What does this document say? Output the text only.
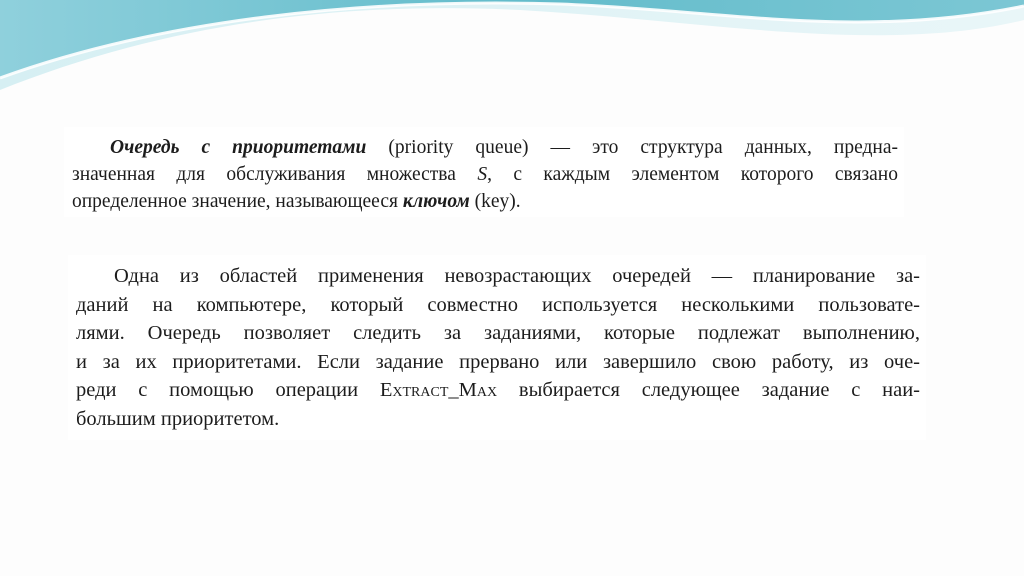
Очередь с приоритетами (priority queue) — это структура данных, предна-
значенная для обслуживания множества S, с каждым элементом которого связано
определенное значение, называющееся ключом (key).
Одна из областей применения невозрастающих очередей — планирование за-
даний на компьютере, который совместно используется несколькими пользовате-
лями. Очередь позволяет следить за заданиями, которые подлежат выполнению,
и за их приоритетами. Если задание прервано или завершило свою работу, из оче-
реди с помощью операции Extract_Max выбирается следующее задание с наи-
большим приоритетом.
